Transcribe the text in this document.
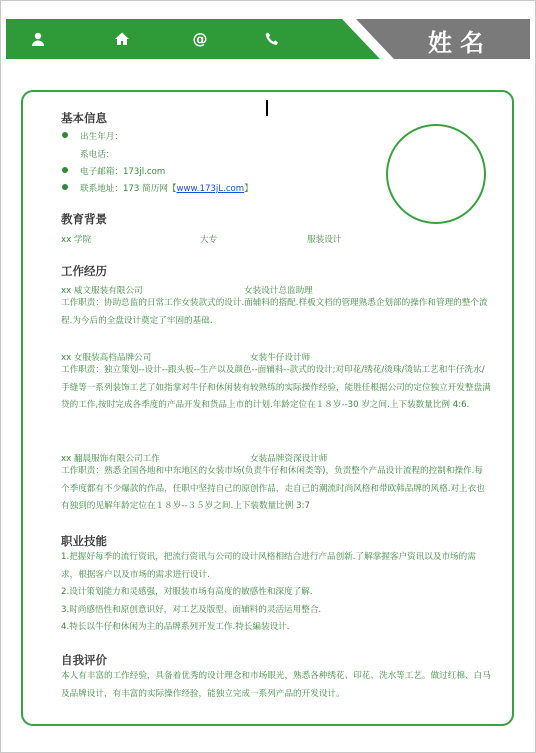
@	姓名
基本信息
出生年月：
系电话：
电子邮箱：173jl.com
联系地址：173 简历网【www.173jL.com】
教育背景
xx 学院	大专	服装设计
工作经历
xx 威文服装有限公司	女装设计总监助理
工作职责：协助总监的日常工作女装款式的设计.面辅料的搭配.样板文档的管理熟悉企划部的操作和管理的整个流程.为今后的全盘设计奠定了牢固的基础.
xx 女服装高档品牌公司	女装牛仔设计师
工作职责：独立策划--设计--跟头板--生产以及颜色--面辅料--款式的设计;对印花/绣花/烫珠/烫钻工艺和牛仔洗水/手缝等一系列装饰工艺了如指掌对牛仔和休闲装有较熟练的实际操作经验，能胜任根据公司的定位独立开发整盘满贷的工作,按时完成各季度的产品开发和货品上市的计划.年龄定位在１８岁--30 岁之间.上下装数量比例 4:6.
xx 翻晨服饰有限公司工作	女装品牌资深设计师
工作职责：熟悉全国各地和中东地区的女装市场(负责牛仔和休闲类等)，负责整个产品设计流程的控制和操作.每个季度都有不少爆款的作品，任职中坚持自己的原创作品，走自己的潮流时尚风格和带欧韩品牌的风格.对上衣也有独到的见解年龄定位在１８岁--３５岁之间.上下装数量比例 3:7
职业技能
1.把握好每季的流行资讯，把流行资讯与公司的设计风格相结合进行产品创新.了解掌握客户资讯以及市场的需求，根据客户以及市场的需求进行设计.
2.设计策划能力和灵感强，对服装市场有高度的敏感性和深度了解.
3.时尚感悟性和原创意识好，对工艺及版型、面辅料的灵活运用整合.
4.特长以牛仔和休闲为主的品牌系列开发工作.特长編装设计．
自我评价
本人有丰富的工作经验，具备着优秀的设计理念和市场眼光，熟悉各种绣花、印花、洗水等工艺。做过红棉、白马及品牌设计，有丰富的实际操作经验，能独立完成一系列产品的开发设计。
